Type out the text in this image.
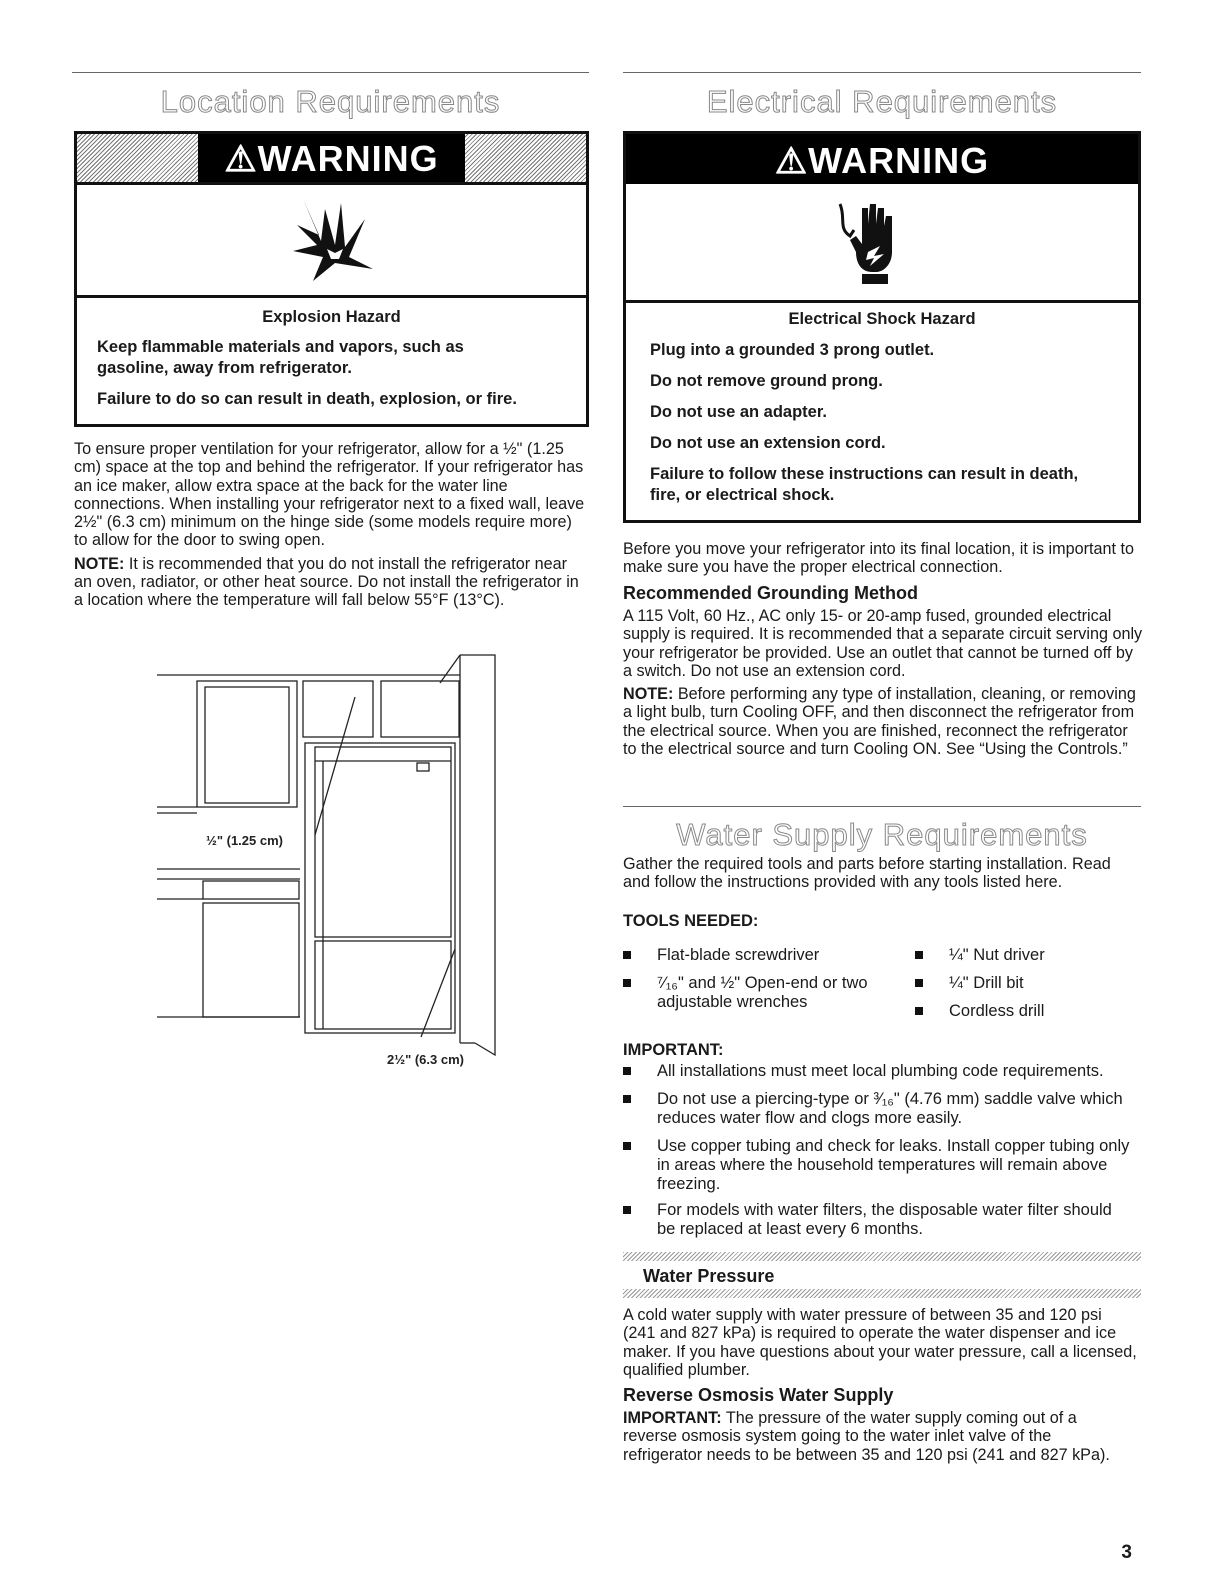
Location Requirements
⚠WARNING
Explosion Hazard
Keep flammable materials and vapors, such as
gasoline, away from refrigerator.
Failure to do so can result in death, explosion, or fire.

To ensure proper ventilation for your refrigerator, allow for a ½" (1.25 cm) space at the top and behind the refrigerator. If your refrigerator has an ice maker, allow extra space at the back for the water line connections. When installing your refrigerator next to a fixed wall, leave 2½" (6.3 cm) minimum on the hinge side (some models require more) to allow for the door to swing open.

NOTE: It is recommended that you do not install the refrigerator near an oven, radiator, or other heat source. Do not install the refrigerator in a location where the temperature will fall below 55°F (13°C).

½" (1.25 cm)
2½" (6.3 cm)
Electrical Requirements
⚠WARNING
Electrical Shock Hazard
Plug into a grounded 3 prong outlet.
Do not remove ground prong.
Do not use an adapter.
Do not use an extension cord.
Failure to follow these instructions can result in death,
fire, or electrical shock.
Before you move your refrigerator into its final location, it is important to make sure you have the proper electrical connection.
Recommended Grounding Method

A 115 Volt, 60 Hz., AC only 15- or 20-amp fused, grounded electrical supply is required. It is recommended that a separate circuit serving only your refrigerator be provided. Use an outlet that cannot be turned off by a switch. Do not use an extension cord.

NOTE: Before performing any type of installation, cleaning, or removing a light bulb, turn Cooling OFF, and then disconnect the refrigerator from the electrical source. When you are finished, reconnect the refrigerator to the electrical source and turn Cooling ON. See “Using the Controls.”

Water Supply Requirements
Gather the required tools and parts before starting installation. Read and follow the instructions provided with any tools listed here.
TOOLS NEEDED:
Flat-blade screwdriver
⁷⁄₁₆" and ½" Open-end or two adjustable wrenches
¼" Nut driver
¼" Drill bit
Cordless drill
IMPORTANT:
All installations must meet local plumbing code requirements.
Do not use a piercing-type or ³⁄₁₆" (4.76 mm) saddle valve which reduces water flow and clogs more easily.
Use copper tubing and check for leaks. Install copper tubing only in areas where the household temperatures will remain above freezing.
For models with water filters, the disposable water filter should be replaced at least every 6 months.
Water Pressure
A cold water supply with water pressure of between 35 and 120 psi (241 and 827 kPa) is required to operate the water dispenser and ice maker. If you have questions about your water pressure, call a licensed, qualified plumber.
Reverse Osmosis Water Supply

IMPORTANT: The pressure of the water supply coming out of a reverse osmosis system going to the water inlet valve of the refrigerator needs to be between 35 and 120 psi (241 and 827 kPa).

3
